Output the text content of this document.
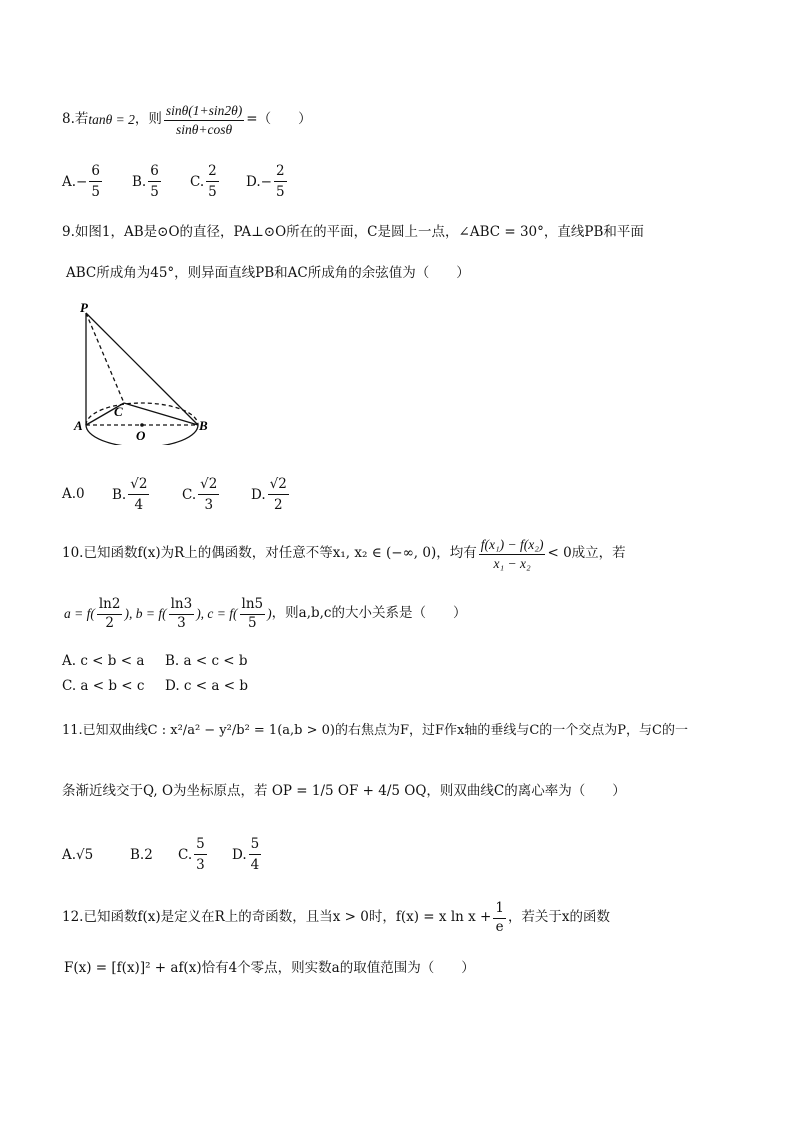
8.若 tanθ = 2 ，则 $\frac{\sin\theta(1+\sin 2\theta)}{\sin\theta+\cos\theta}$ =（　　）
A. − $\frac{6}{5} B$. $\frac{6}{5} C$. $\frac{2}{5} D$. − $\frac{2}{5}$
9.如图1，AB是⊙O的直径，PA⊥⊙O所在的平面，C是圆上一点，∠ABC = 30°，直线PB和平面
ABC所成角为45°，则异面直线PB和AC所成角的余弦值为（　　）
P
A	B
C
O
A. 0 B. $\frac{√2}{4} C$. $\frac{√2}{3} D$. $\frac{√2}{2}$
10.已知函数f(x)为R上的偶函数，对任意不等x₁, x₂ ∈ (−∞, 0)，均有 $\frac{\text{f(x₁) − f(x₂)}}{\text{x₁ − x₂}} < 0$成立，若
$a = f( \frac{\ln 2}{2}$ ), $b = f( \frac{\ln 3}{3}$ ), $c = f( \frac{\ln 5}{5}$ ) ，则a,b,c的大小关系是（　　）
A. c < b < a B. a < c < b
C. a < b < c D. c < a < b
11.已知双曲线C : x²/a² − y²/b² = 1(a,b > 0)的右焦点为F，过F作x轴的垂线与C的一个交点为P，与C的一
条渐近线交于Q, O为坐标原点，若 OP = 1/5 OF + 4/5 OQ，则双曲线C的离心率为（　　）
A. √5	B. 2 C. $\frac{5}{3} D$. $\frac{5}{4}$
12.已知函数f(x)是定义在R上的奇函数，且当x > 0时，f(x) = x $\ln x + \frac{1}{e}$ ，若关于x的函数
F(x) = [f(x)]² + af(x)恰有4个零点，则实数a的取值范围为（　　）
